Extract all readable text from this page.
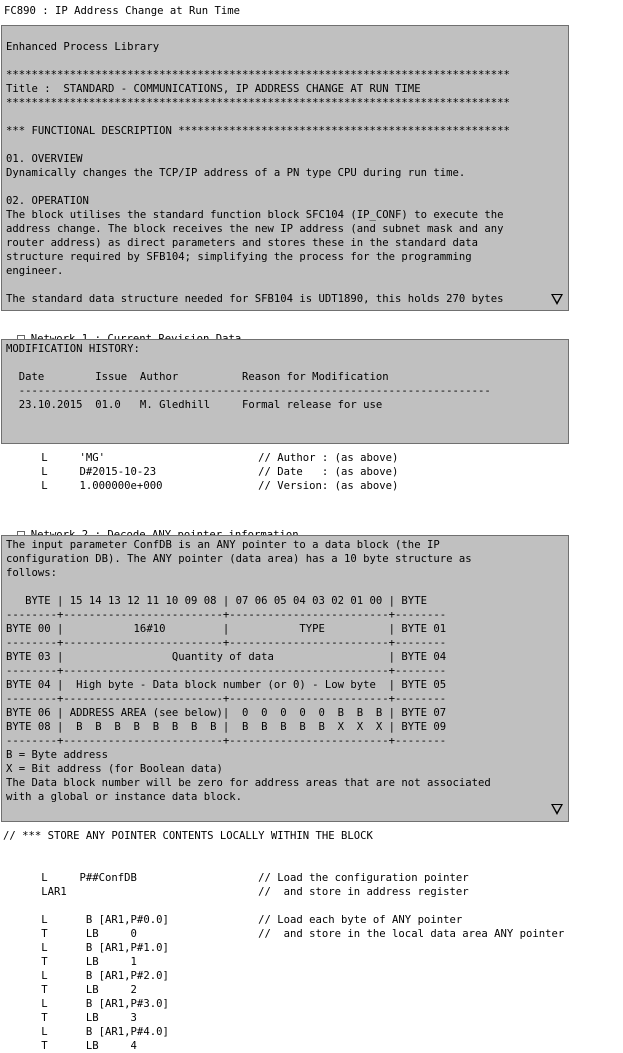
FC890 : IP Address Change at Run Time
Enhanced Process Library

*******************************************************************************
Title :  STANDARD - COMMUNICATIONS, IP ADDRESS CHANGE AT RUN TIME
*******************************************************************************

*** FUNCTIONAL DESCRIPTION ****************************************************

01. OVERVIEW
Dynamically changes the TCP/IP address of a PN type CPU during run time.

02. OPERATION
The block utilises the standard function block SFC104 (IP_CONF) to execute the
address change. The block receives the new IP address (and subnet mask and any
router address) as direct parameters and stores these in the standard data
structure required by SFB104; simplifying the process for the programming
engineer.

The standard data structure needed for SFB104 is UDT1890, this holds 270 bytes

MODIFICATION HISTORY:

Date        Issue  Author          Reason for Modification
--------------------------------------------------------------------------
23.10.2015  01.0   M. Gledhill     Formal release for use
L     'MG'                        // Author : (as above)
L     D#2015-10-23                // Date   : (as above)
L     1.000000e+000               // Version: (as above)

The input parameter ConfDB is an ANY pointer to a data block (the IP
configuration DB). The ANY pointer (data area) has a 10 byte structure as
follows:

BYTE | 15 14 13 12 11 10 09 08 | 07 06 05 04 03 02 01 00 | BYTE
--------+-------------------------+-------------------------+--------
BYTE 00 |           16#10         |           TYPE          | BYTE 01
--------+-------------------------+-------------------------+--------
BYTE 03 |                 Quantity of data                  | BYTE 04
--------+---------------------------------------------------+--------
BYTE 04 |  High byte - Data block number (or 0) - Low byte  | BYTE 05
--------+-------------------------+-------------------------+--------
BYTE 06 | ADDRESS AREA (see below)|  0  0  0  0  0  B  B  B | BYTE 07
BYTE 08 |  B  B  B  B  B  B  B  B |  B  B  B  B  B  X  X  X | BYTE 09
--------+-------------------------+-------------------------+--------
B = Byte address
X = Bit address (for Boolean data)
The Data block number will be zero for address areas that are not associated
with a global or instance data block.
// *** STORE ANY POINTER CONTENTS LOCALLY WITHIN THE BLOCK

L     P##ConfDB                   // Load the configuration pointer
LAR1                              //  and store in address register

L      B [AR1,P#0.0]              // Load each byte of ANY pointer
T      LB     0                   //  and store in the local data area ANY pointer
L      B [AR1,P#1.0]
T      LB     1
L      B [AR1,P#2.0]
T      LB     2
L      B [AR1,P#3.0]
T      LB     3
L      B [AR1,P#4.0]
T      LB     4
